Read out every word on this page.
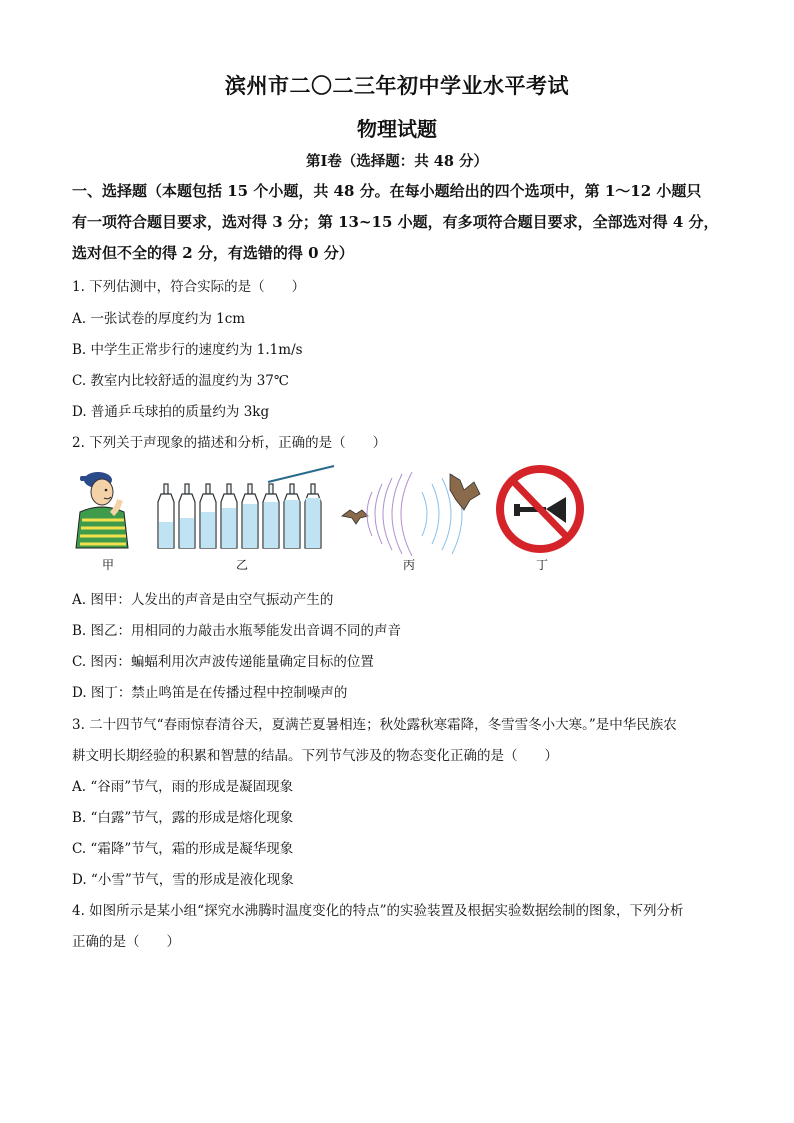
滨州市二〇二三年初中学业水平考试
物理试题
第Ⅰ卷（选择题：共 48 分）
一、选择题（本题包括 15 个小题，共 48 分。在每小题给出的四个选项中，第 1～12 小题只
有一项符合题目要求，选对得 3 分；第 13~15 小题，有多项符合题目要求，全部选对得 4 分，
选对但不全的得 2 分，有选错的得 0 分）
1. 下列估测中，符合实际的是（　　）
A. 一张试卷的厚度约为 1cm
B. 中学生正常步行的速度约为 1.1m/s
C. 教室内比较舒适的温度约为 37℃
D. 普通乒乓球拍的质量约为 3kg
2. 下列关于声现象的描述和分析，正确的是（　　）
甲	乙	丙	丁
A. 图甲：人发出的声音是由空气振动产生的
B. 图乙：用相同的力敲击水瓶琴能发出音调不同的声音
C. 图丙：蝙蝠利用次声波传递能量确定目标的位置
D. 图丁：禁止鸣笛是在传播过程中控制噪声的
3. 二十四节气“春雨惊春清谷天，夏满芒夏暑相连；秋处露秋寒霜降，冬雪雪冬小大寒。”是中华民族农
耕文明长期经验的积累和智慧的结晶。下列节气涉及的物态变化正确的是（　　）
A. “谷雨”节气，雨的形成是凝固现象
B. “白露”节气，露的形成是熔化现象
C. “霜降”节气，霜的形成是凝华现象
D. “小雪”节气，雪的形成是液化现象
4. 如图所示是某小组“探究水沸腾时温度变化的特点”的实验装置及根据实验数据绘制的图象，下列分析
正确的是（　　）
